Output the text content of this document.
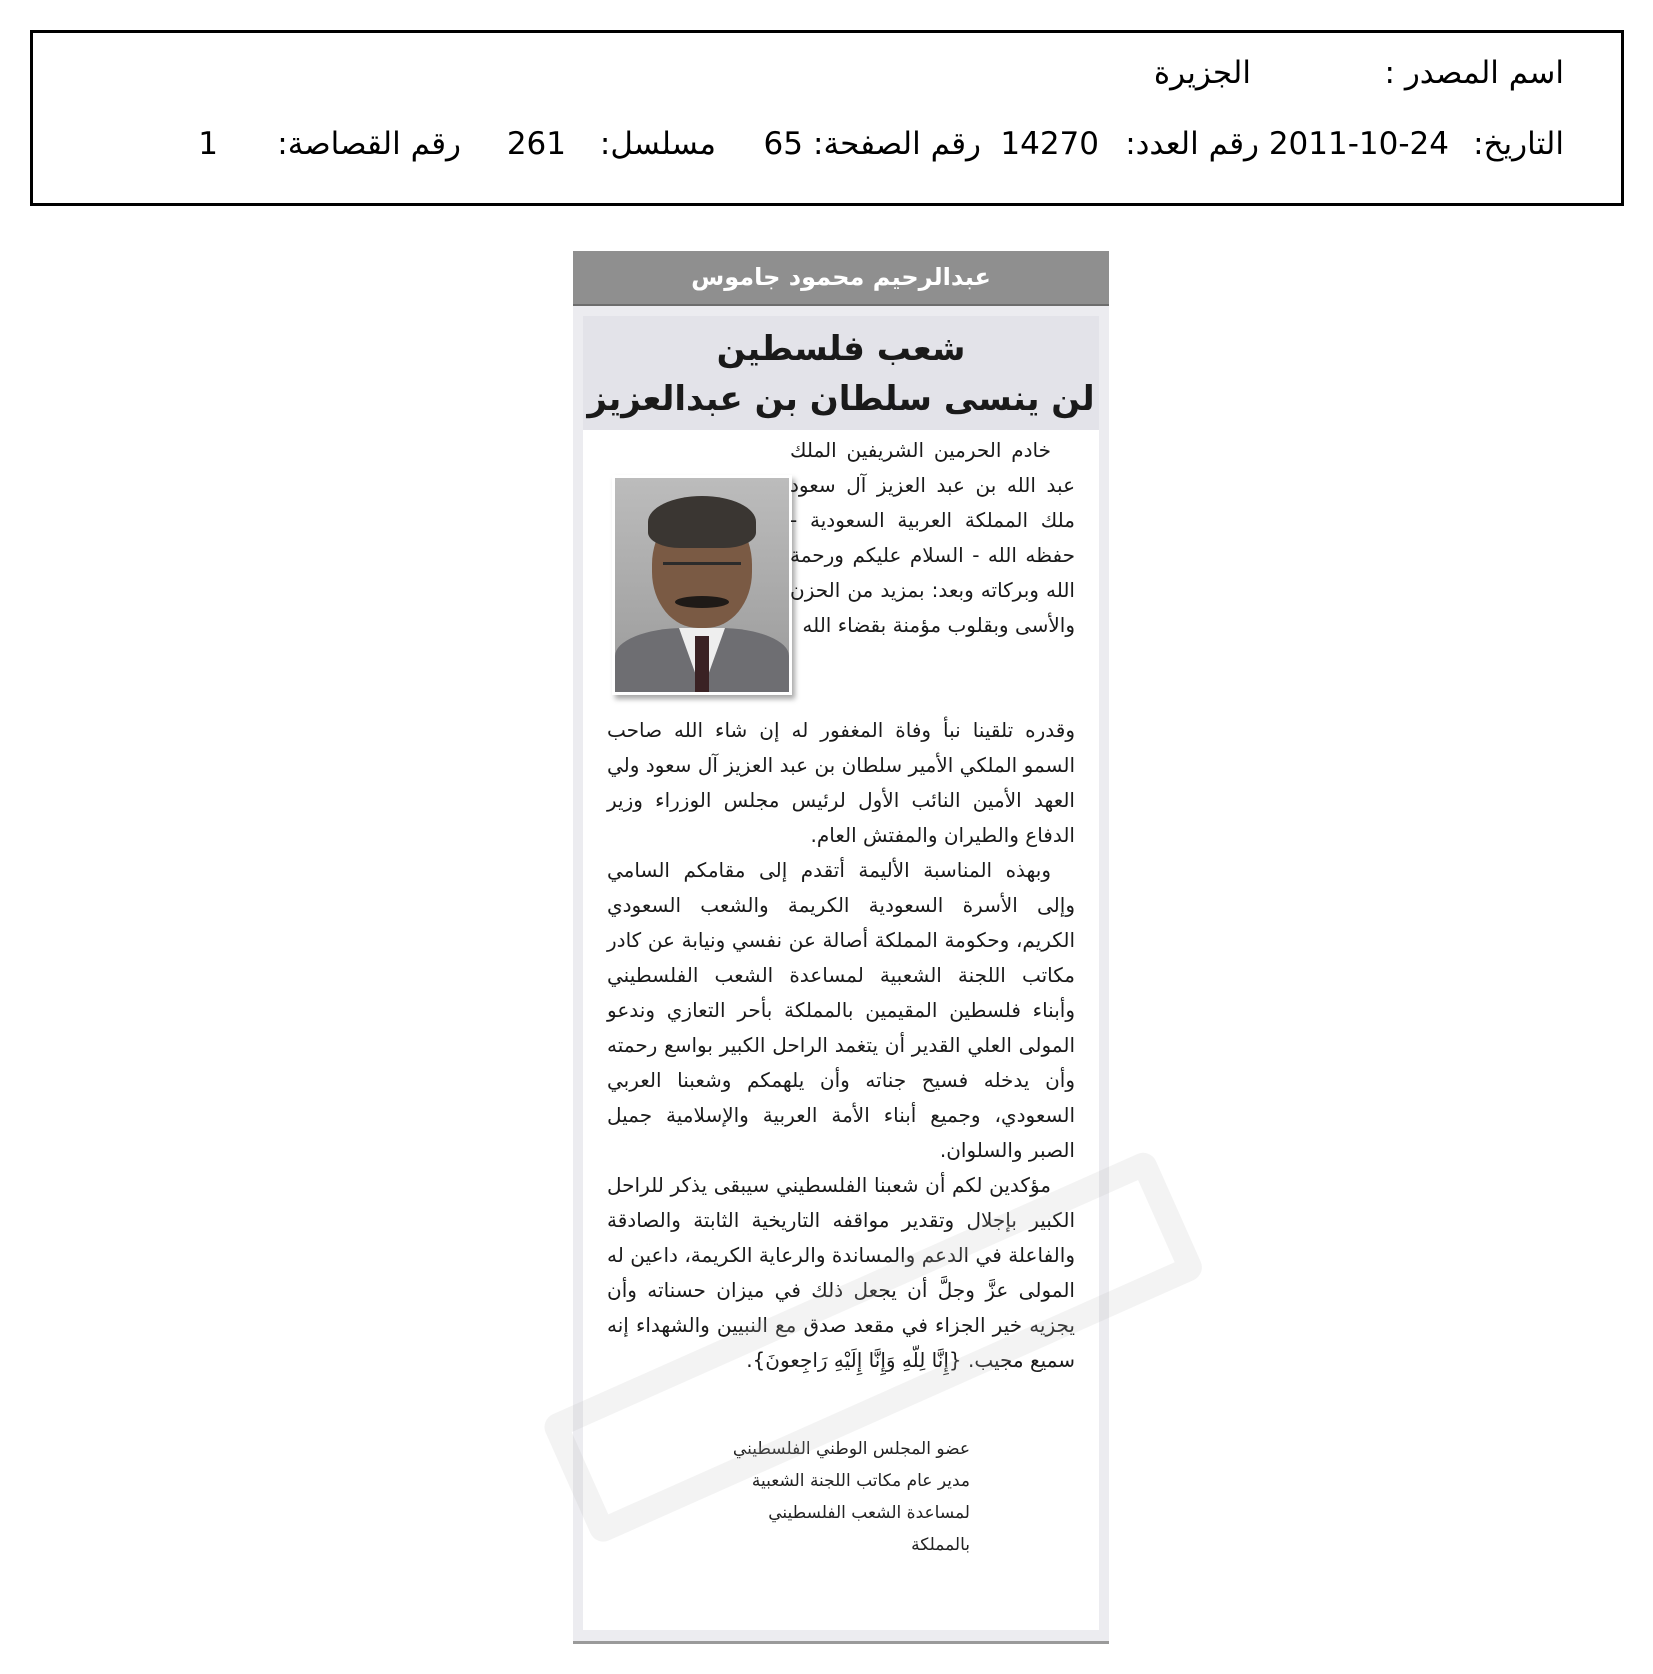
اسم المصدر :
الجزيرة
التاريخ:
2011-10-24
رقم العدد:
14270
رقم الصفحة:
65
مسلسل:
261
رقم القصاصة:
1
عبدالرحيم محمود جاموس
شعب فلسطين
لن ينسى سلطان بن عبدالعزيز

خادم الحرمين الشريفين الملك عبد الله بن عبد العزيز آل سعود ملك المملكة العربية السعودية - حفظه الله - السلام عليكم ورحمة الله وبركاته وبعد: بمزيد من الحزن والأسى وبقلوب مؤمنة بقضاء الله

وقدره تلقينا نبأ وفاة المغفور له إن شاء الله صاحب السمو الملكي الأمير سلطان بن عبد العزيز آل سعود ولي العهد الأمين النائب الأول لرئيس مجلس الوزراء وزير الدفاع والطيران والمفتش العام.

وبهذه المناسبة الأليمة أتقدم إلى مقامكم السامي وإلى الأسرة السعودية الكريمة والشعب السعودي الكريم، وحكومة المملكة أصالة عن نفسي ونيابة عن كادر مكاتب اللجنة الشعبية لمساعدة الشعب الفلسطيني وأبناء فلسطين المقيمين بالمملكة بأحر التعازي وندعو المولى العلي القدير أن يتغمد الراحل الكبير بواسع رحمته وأن يدخله فسيح جناته وأن يلهمكم وشعبنا العربي السعودي، وجميع أبناء الأمة العربية والإسلامية جميل الصبر والسلوان.

مؤكدين لكم أن شعبنا الفلسطيني سيبقى يذكر للراحل الكبير بإجلال وتقدير مواقفه التاريخية الثابتة والصادقة والفاعلة في الدعم والمساندة والرعاية الكريمة، داعين له المولى عزَّ وجلَّ أن يجعل ذلك في ميزان حسناته وأن يجزيه خير الجزاء في مقعد صدق مع النبيين والشهداء إنه سميع مجيب. {إِنَّا لِلّهِ وَإِنَّا إِلَيْهِ رَاجِعونَ}.

عضو المجلس الوطني الفلسطيني
مدير عام مكاتب اللجنة الشعبية
لمساعدة الشعب الفلسطيني بالمملكة
